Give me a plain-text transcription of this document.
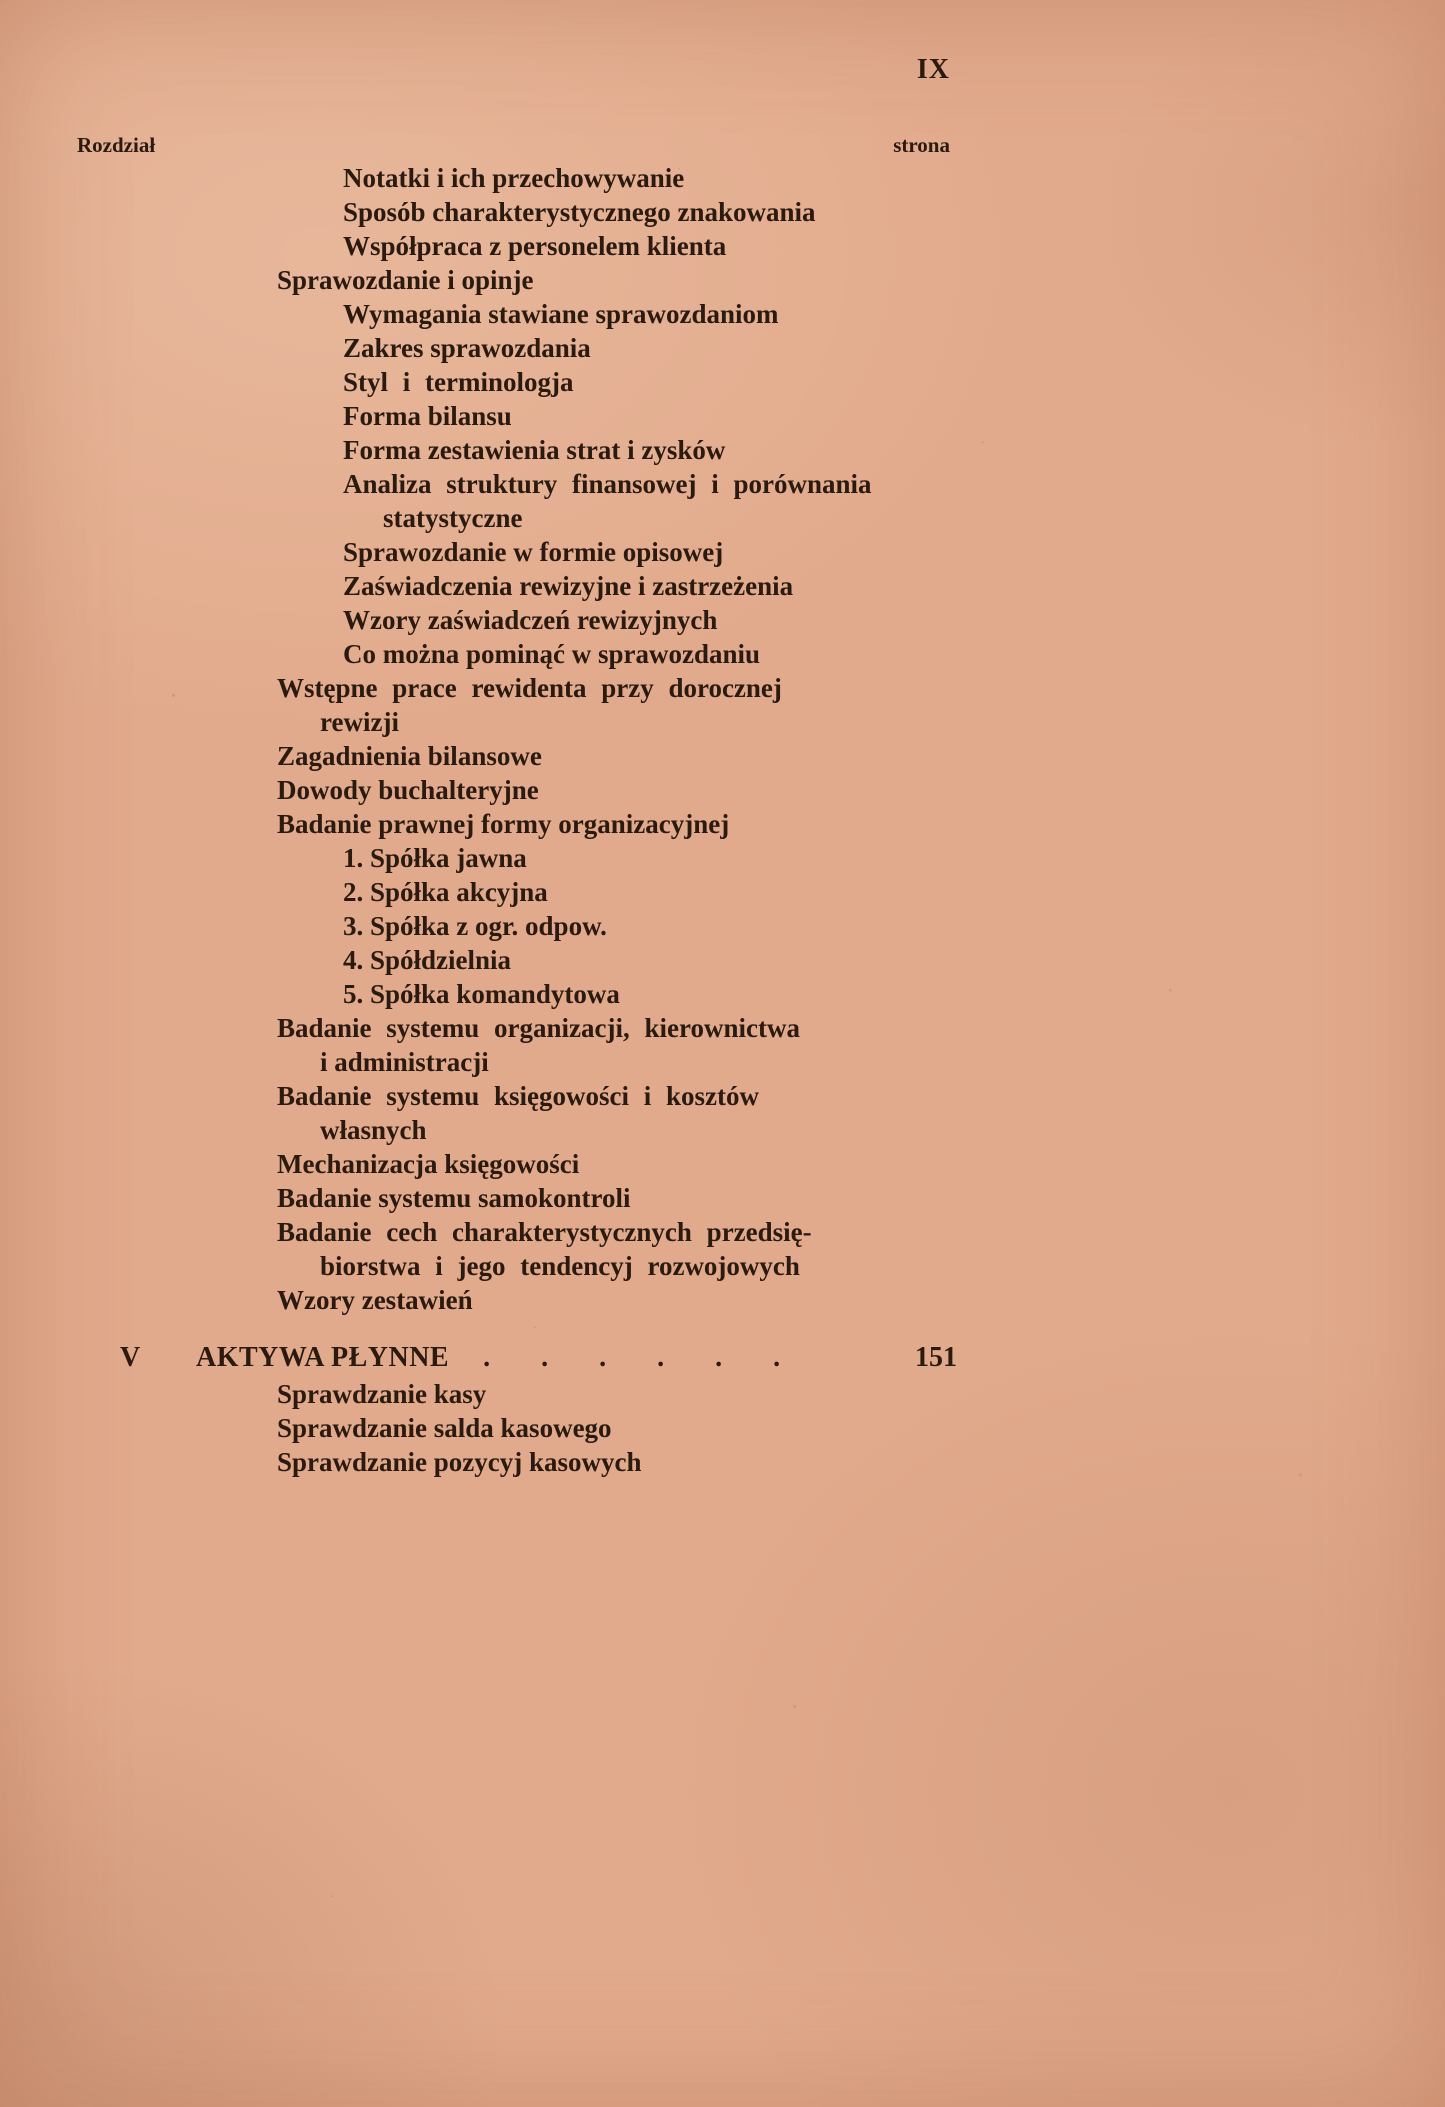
IX
Rozdział	strona
Notatki i ich przechowywanie
Sposób charakterystycznego znakowania
Współpraca z personelem klienta
Sprawozdanie i opinje
Wymagania stawiane sprawozdaniom
Zakres sprawozdania
Styl i terminologja
Forma bilansu
Forma zestawienia strat i zysków
Analiza struktury finansowej i porównania
statystyczne
Sprawozdanie w formie opisowej
Zaświadczenia rewizyjne i zastrzeżenia
Wzory zaświadczeń rewizyjnych
Co można pominąć w sprawozdaniu
Wstępne prace rewidenta przy dorocznej
rewizji
Zagadnienia bilansowe
Dowody buchalteryjne
Badanie prawnej formy organizacyjnej
1. Spółka jawna
2. Spółka akcyjna
3. Spółka z ogr. odpow.
4. Spółdzielnia
5. Spółka komandytowa
Badanie systemu organizacji, kierownictwa
i administracji
Badanie systemu księgowości i kosztów
własnych
Mechanizacja księgowości
Badanie systemu samokontroli
Badanie cech charakterystycznych przedsię-
biorstwa i jego tendencyj rozwojowych
Wzory zestawień
V	AKTYWA PŁYNNE	. . . . . .	151
Sprawdzanie kasy
Sprawdzanie salda kasowego
Sprawdzanie pozycyj kasowych
